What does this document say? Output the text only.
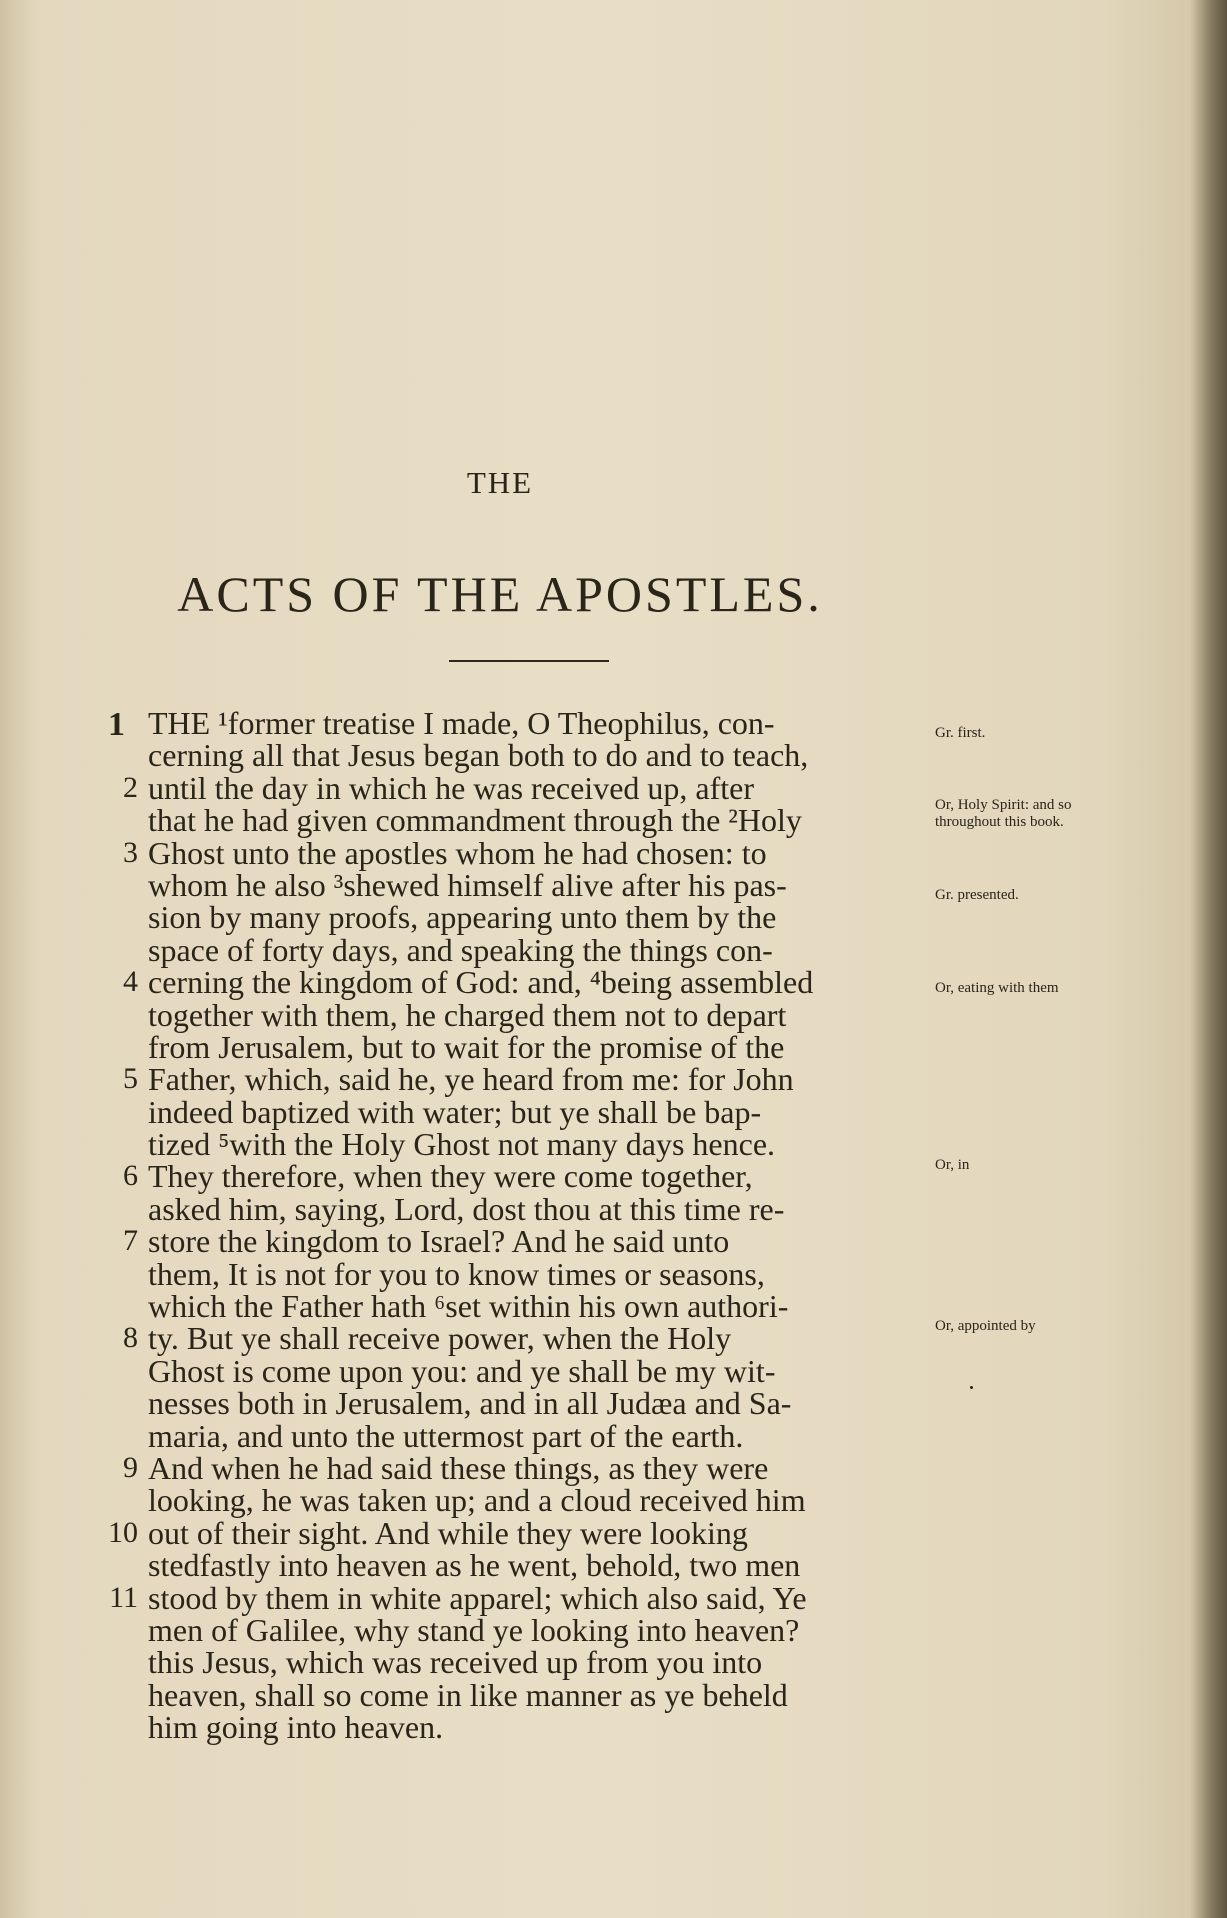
THE
ACTS OF THE APOSTLES.
1 THE ¹former treatise I made, O Theophilus, con-
cerning all that Jesus began both to do and to teach,
2 until the day in which he was received up, after
that he had given commandment through the ²Holy
3 Ghost unto the apostles whom he had chosen: to
whom he also ³shewed himself alive after his pas-
sion by many proofs, appearing unto them by the
space of forty days, and speaking the things con-
4 cerning the kingdom of God: and, ⁴being assembled
together with them, he charged them not to depart
from Jerusalem, but to wait for the promise of the
5 Father, which, said he, ye heard from me: for John
indeed baptized with water; but ye shall be bap-
tized ⁵with the Holy Ghost not many days hence.
6 They therefore, when they were come together,
asked him, saying, Lord, dost thou at this time re-
7 store the kingdom to Israel? And he said unto
them, It is not for you to know times or seasons,
which the Father hath ⁶set within his own authori-
8 ty. But ye shall receive power, when the Holy
Ghost is come upon you: and ye shall be my wit-
nesses both in Jerusalem, and in all Judæa and Sa-
maria, and unto the uttermost part of the earth.
9 And when he had said these things, as they were
looking, he was taken up; and a cloud received him
10 out of their sight. And while they were looking
stedfastly into heaven as he went, behold, two men
11 stood by them in white apparel; which also said, Ye
men of Galilee, why stand ye looking into heaven?
this Jesus, which was received up from you into
heaven, shall so come in like manner as ye beheld
him going into heaven.
Gr. first.
Or, Holy Spirit: and so throughout this book.
Gr. presented.
Or, eating with them
Or, in
Or, appointed by
